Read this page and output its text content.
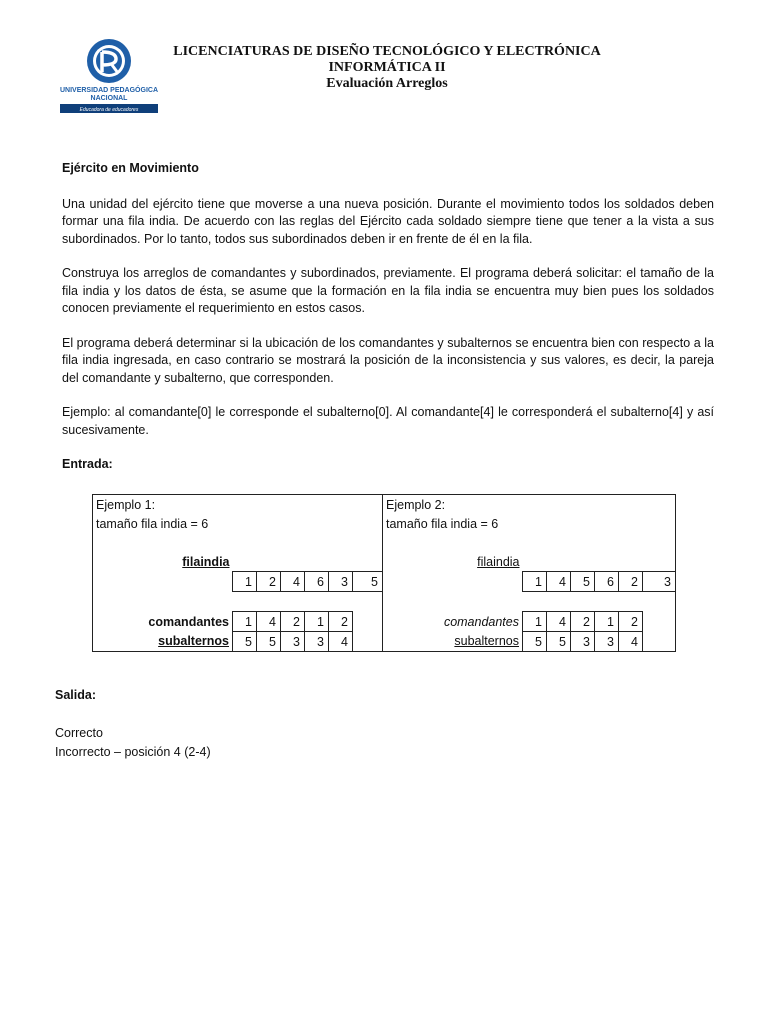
UNIVERSIDAD PEDAGÓGICA
NACIONAL
Educadora de educadores
LICENCIATURAS DE DISEÑO TECNOLÓGICO Y ELECTRÓNICA
INFORMÁTICA II
Evaluación Arreglos
Ejército en Movimiento

Una unidad del ejército tiene que moverse a una nueva posición. Durante el movimiento todos los soldados deben formar una fila india. De acuerdo con las reglas del Ejército cada soldado siempre tiene que tener a la vista a sus subordinados. Por lo tanto, todos sus subordinados deben ir en frente de él en la fila.

Construya los arreglos de comandantes y subordinados, previamente. El programa deberá solicitar: el tamaño de la fila india y los datos de ésta, se asume que la formación en la fila india se encuentra muy bien pues los soldados conocen previamente el requerimiento en estos casos.

El programa deberá determinar si la ubicación de los comandantes y subalternos se encuentra bien con respecto a la fila india ingresada, en caso contrario se mostrará la posición de la inconsistencia y sus valores, es decir, la pareja del comandante y subalterno, que corresponden.

Ejemplo: al comandante[0] le corresponde el subalterno[0]. Al comandante[4] le corresponderá el subalterno[4] y así sucesivamente.

Entrada:
Ejemplo 1:							Ejemplo 2:						
tamaño fila india = 6							tamaño fila india = 6						

filaindia							filaindia						
	1	2	4	6	3	5		1	4	5	6	2	3

comandantes	1	4	2	1	2		comandantes	1	4	2	1	2	
subalternos	5	5	3	3	4		subalternos	5	5	3	3	4	
Salida:
Correcto
Incorrecto – posición 4 (2-4)
